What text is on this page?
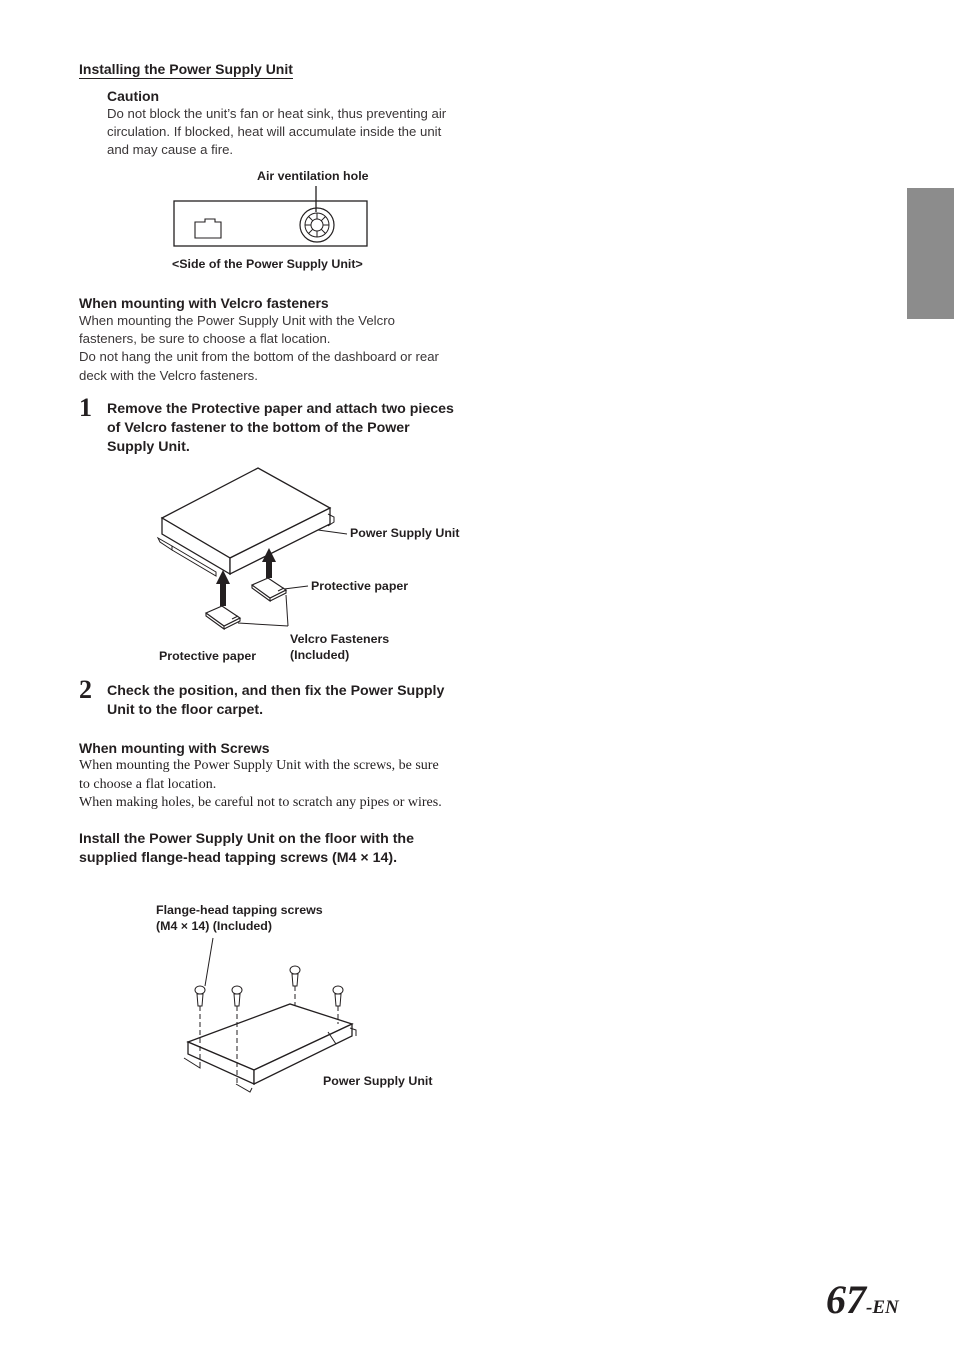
Installing the Power Supply Unit
Caution
Do not block the unit’s fan or heat sink, thus preventing air
circulation. If blocked, heat will accumulate inside the unit
and may cause a fire.
Air ventilation hole
<Side of the Power Supply Unit>
When mounting with Velcro fasteners
When mounting the Power Supply Unit with the Velcro
fasteners, be sure to choose a flat location.
Do not hang the unit from the bottom of the dashboard or rear
deck with the Velcro fasteners.
1 Remove the Protective paper and attach two pieces
of Velcro fastener to the bottom of the Power
Supply Unit.
Power Supply Unit
Protective paper
Velcro Fasteners
(Included)
Protective paper
2 Check the position, and then fix the Power Supply
Unit to the floor carpet.
When mounting with Screws
When mounting the Power Supply Unit with the screws, be sure
to choose a flat location.
When making holes, be careful not to scratch any pipes or wires.
Install the Power Supply Unit on the floor with the
supplied flange-head tapping screws (M4 × 14).
Flange-head tapping screws
(M4 × 14) (Included)
Power Supply Unit
67-EN
